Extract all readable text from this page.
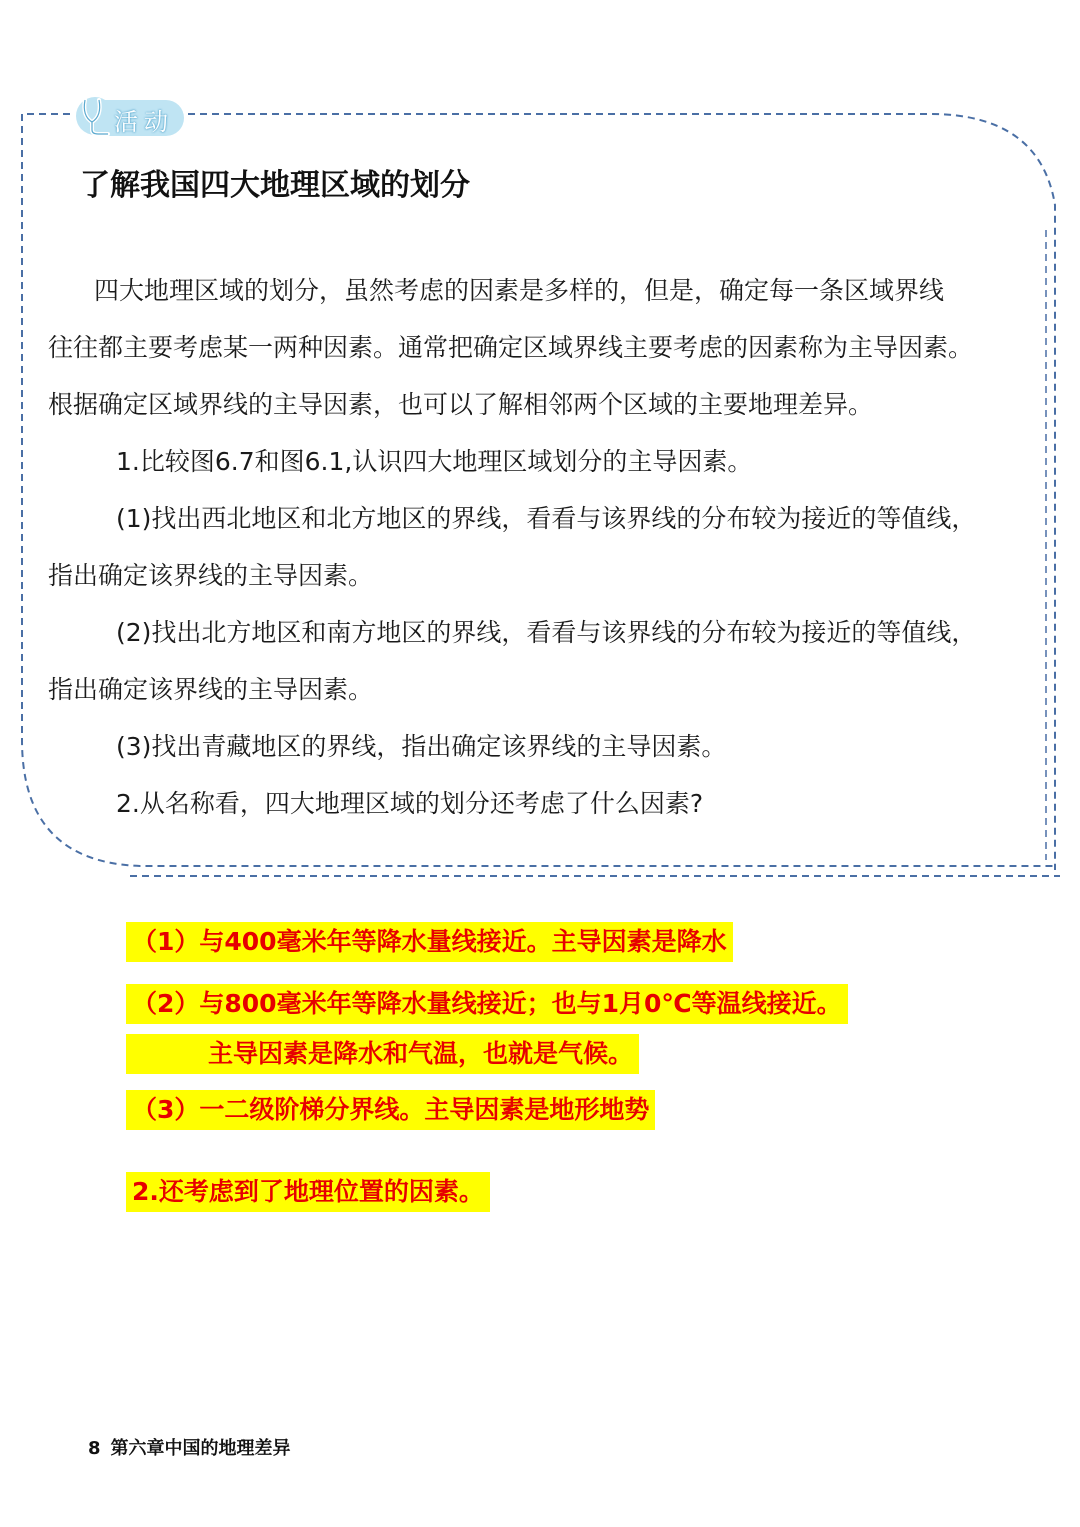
活动
了解我国四大地理区域的划分

四大地理区域的划分，虽然考虑的因素是多样的，但是，确定每一条区域界线

往往都主要考虑某一两种因素。通常把确定区域界线主要考虑的因素称为主导因素。

根据确定区域界线的主导因素，也可以了解相邻两个区域的主要地理差异。

1.比较图6.7和图6.1,认识四大地理区域划分的主导因素。

(1)找出西北地区和北方地区的界线，看看与该界线的分布较为接近的等值线，

指出确定该界线的主导因素。

(2)找出北方地区和南方地区的界线，看看与该界线的分布较为接近的等值线，

指出确定该界线的主导因素。

(3)找出青藏地区的界线，指出确定该界线的主导因素。

2.从名称看，四大地理区域的划分还考虑了什么因素?

（1）与400毫米年等降水量线接近。主导因素是降水
（2）与800毫米年等降水量线接近；也与1月0℃等温线接近。
主导因素是降水和气温，也就是气候。
（3）一二级阶梯分界线。主导因素是地形地势
2.还考虑到了地理位置的因素。
8 第六章中国的地理差异
